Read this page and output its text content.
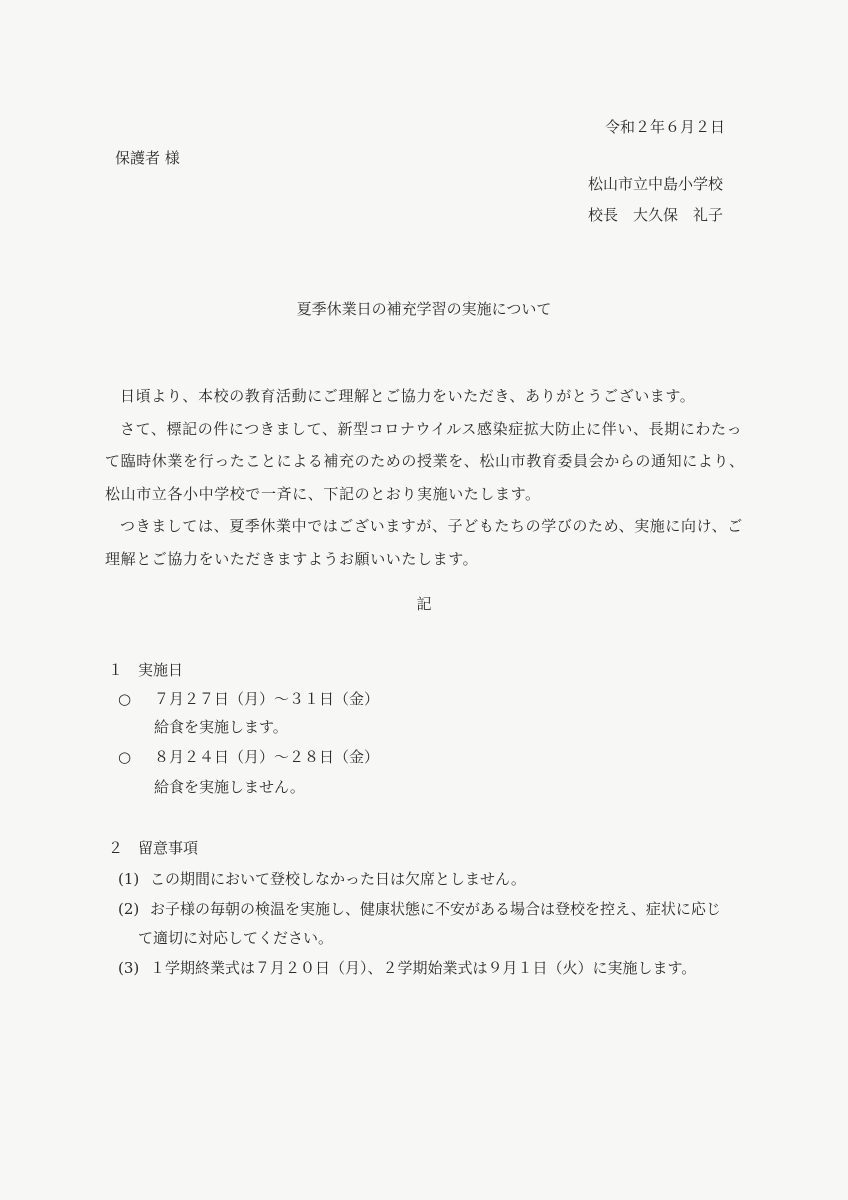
令和２年６月２日
保護者 様
松山市立中島小学校
校長　大久保　礼子
夏季休業日の補充学習の実施について

日頃より、本校の教育活動にご理解とご協力をいただき、ありがとうございます。

さて、標記の件につきまして、新型コロナウイルス感染症拡大防止に伴い、長期にわたって臨時休業を行ったことによる補充のための授業を、松山市教育委員会からの通知により、松山市立各小中学校で一斉に、下記のとおり実施いたします。

つきましては、夏季休業中ではございますが、子どもたちの学びのため、実施に向け、ご理解とご協力をいただきますようお願いいたします。

記
１　実施日
○ ７月２７日（月）～３１日（金）
給食を実施します。
○ ８月２４日（月）～２８日（金）
給食を実施しません。
２　留意事項
(1) この期間において登校しなかった日は欠席としません。
(2) お子様の毎朝の検温を実施し、健康状態に不安がある場合は登校を控え、症状に応じ
て適切に対応してください。
(3) １学期終業式は７月２０日（月）、２学期始業式は９月１日（火）に実施します。
